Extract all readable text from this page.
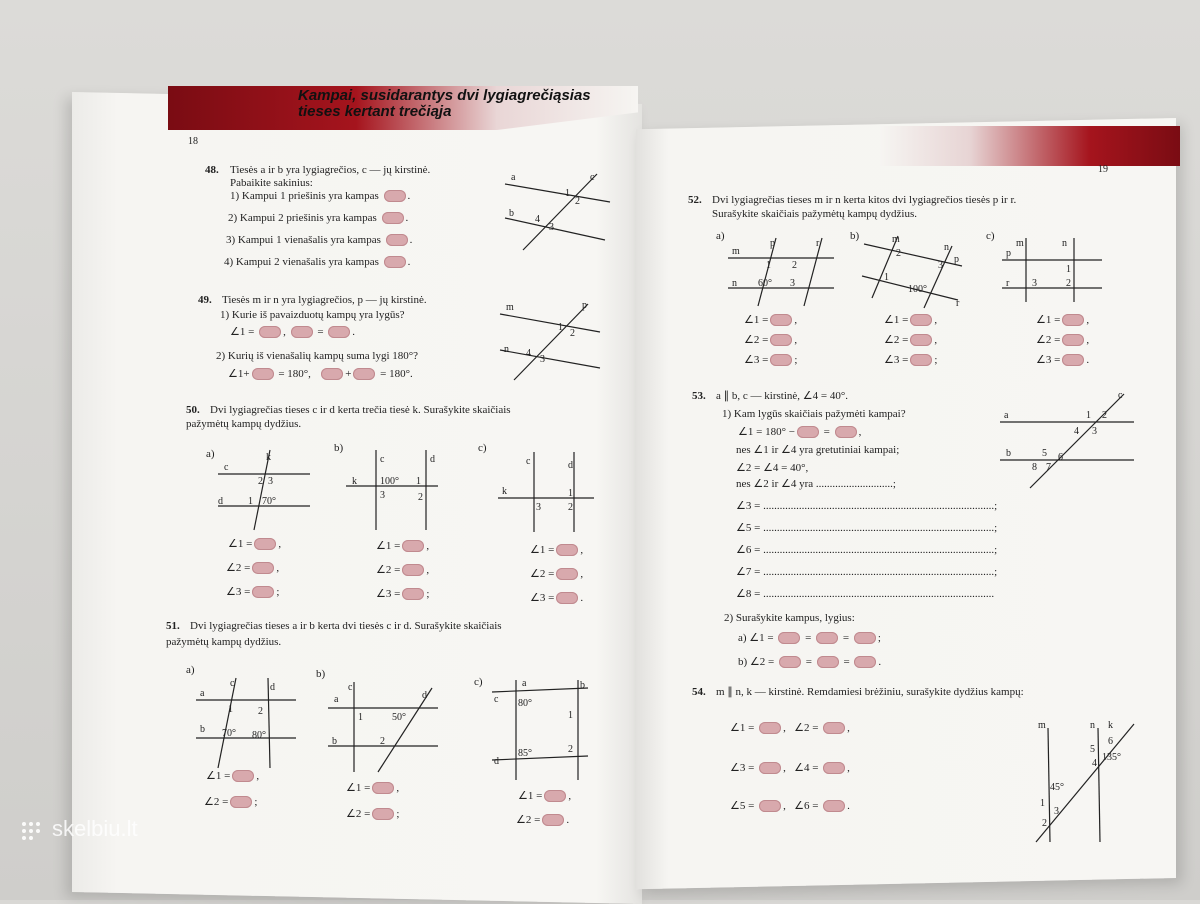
Kampai, susidarantys dvi lygiagrečiąsias
tieses kertant trečiąja
18
19
48. Tiesės a ir b yra lygiagrečios, c — jų kirstinė.
Pabaikite sakinius:
1) Kampui 1 priešinis yra kampas	.
2) Kampui 2 priešinis yra kampas	.
3) Kampui 1 vienašalis yra kampas	.
4) Kampui 2 vienašalis yra kampas	.
a
b
c
1
2
4
3
49. Tiesės m ir n yra lygiagrečios, p — jų kirstinė.
1) Kurie iš pavaizduotų kampų yra lygūs?
∠1 =	,  = .
2) Kurių iš vienašalių kampų suma lygi 180°?
∠1+	= 180°,	+	= 180°.
m
n
p
1
2
4
3
50. Dvi lygiagrečias tieses c ir d kerta trečia tiesė k. Surašykite skaičiais
pažymėtų kampų dydžius.
a)	b)	c)
c
k
d
2 3
1 70°
c	d
k 100° 1
3	2
c	d
k	1
3	2
∠1 = ,
∠2 = ,
∠3 = ;
∠1 = ,
∠2 = ,
∠3 = ;
∠1 = ,
∠2 = ,
∠3 = .
51. Dvi lygiagrečias tieses a ir b kerta dvi tiesės c ir d. Surašykite skaičiais
pažymėtų kampų dydžius.
a)	b)
c)
c	d
a
1	2
b 70° 80°
c
d
a
1	50°
b	2
a	b
c 80°
1
d
85°	2
∠1 = ,
∠2 = ;
∠1 = ,
∠2 = ;
∠1 = ,
∠2 = .
52. Dvi lygiagrečias tieses m ir n kerta kitos dvi lygiagrečios tiesės p ir r.
Surašykite skaičiais pažymėtų kampų dydžius.
a)	b)	c)
p	r
m
1 2
n 60° 3
m
n
2
3
p
1
100°
r
m	n
p
1
r 3	2
∠1 = ,
∠2 = ,
∠3 = ;
∠1 = ,
∠2 = ,
∠3 = ;
∠1 = ,
∠2 = ,
∠3 = .
53. a ∥ b, c — kirstinė, ∠4 = 40°.
1) Kam lygūs skaičiais pažymėti kampai?
∠1 = 180° −	=	,
nes ∠1 ir ∠4 yra gretutiniai kampai;
∠2 = ∠4 = 40°,
nes ∠2 ir ∠4 yra ............................;
∠3 = ....................................................................................;
∠5 = ....................................................................................;
∠6 = ....................................................................................;
∠7 = ....................................................................................;
∠8 = ....................................................................................
2) Surašykite kampus, lygius:
a) ∠1 =	=  = ;
b) ∠2 =	=  = .
c
a	1 2
4 3
b	5 6
8 7
54. m ∥ n, k — kirstinė. Remdamiesi brėžiniu, surašykite dydžius kampų:
∠1 =	,   ∠2 =	,
∠3 =	,   ∠4 =	,
∠5 =	,   ∠6 =	.
m	n k
6
5
4
135°
45°
1
3
2
skelbiu.lt
